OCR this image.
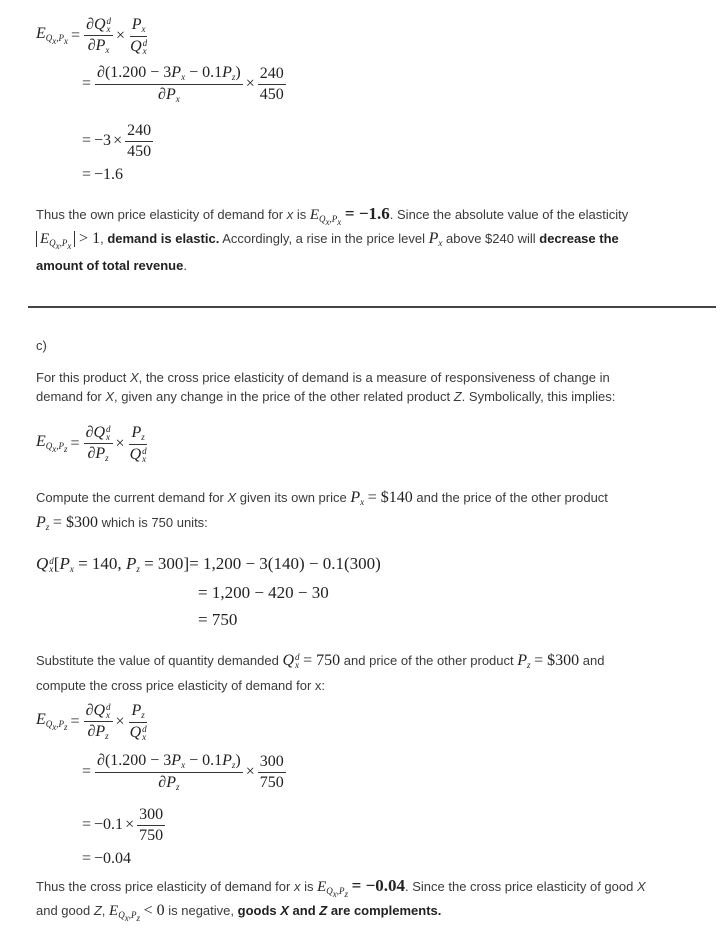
$E_{Q_x,P_x} = \partial Q$ d
x
$\partial P_x \times P_x$
Q d
x
= $\frac{\partial(1.200 - 3P_x - 0.1P_z)}{\partial P_x} \times \frac{240}{450}$
= $-3 \times \frac{240}{450}$
= −1.6
Thus the own price elasticity of demand for x is $E_{Q_x,P_x} = -1.6$. Since the absolute value of the elasticity
$E_{Q_x,P_x} > 1$, demand is elastic. Accordingly, a rise in the price level $P_x$ above $240 will decrease the
amount of total revenue.
c)
For this product X, the cross price elasticity of demand is a measure of responsiveness of change in
demand for X, given any change in the price of the other related product Z. Symbolically, this implies:
$E_{Q_x,P_z} = \partial Q$ d
x
$\partial P_z \times P_z$
Q d
x
Compute the current demand for X given its own price $P_x$ = $140 and the price of the other product
$P_z$ = $300 which is 750 units:
Q d
x [$P_x = 140$, $P_z = 300]= 1,200 - 3(140) - 0.1(300)$
= 1,200 − 420 − 30
= 750
Substitute the value of quantity demanded Q d
x = 750 and price of the other product $P_z$ = $300 and
compute the cross price elasticity of demand for x:
$E_{Q_x,P_z} = \partial Q$ d
x
$\partial P_z \times P_z$
Q d
x
= $\frac{\partial(1.200 - 3P_x - 0.1P_z)}{\partial P_z} \times \frac{300}{750}$
= $-0.1 \times \frac{300}{750}$
= −0.04
Thus the cross price elasticity of demand for x is $E_{Q_x,P_z} = -0.04$. Since the cross price elasticity of good X
and good Z, $E_{Q_x,P_z} < 0$ is negative, goods X and Z are complements.
